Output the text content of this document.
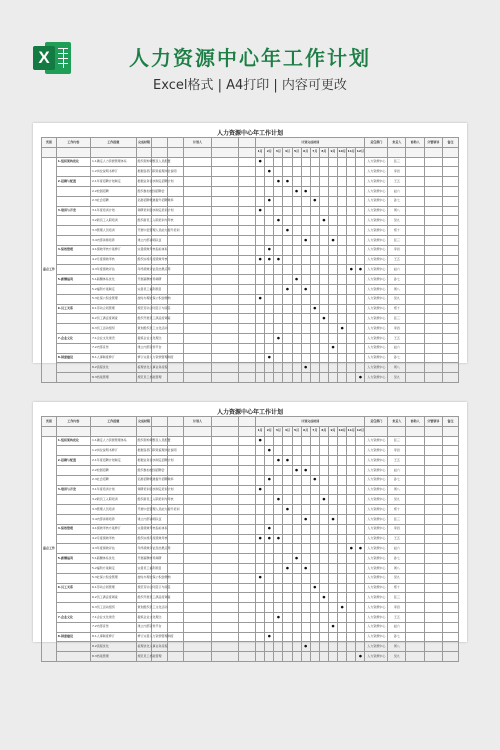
X	人力资源中心年工作计划

Excel格式 | A4打印 | 内容可更改

人力资源中心年工作计划
类别	工作内容	工作措施	完成时限			计划人			计划完成时间												责任部门	负责人	协助人	分管领导	备注
									1月	2月	3月	4月	5月	6月	7月	8月	9月	10月	11月	12月					
重点工作	1.组织架构优化	1.1确定人力资源管理体系	组织架构调整及人员配置						●												人力资源中心	张三			
		1.2岗位说明书修订	根据各部门职责梳理岗位说明							●											人力资源中心	李四			
	2.招聘与配置	2.1年度招聘计划制定	根据业务需求制定招聘计划								●	●									人力资源中心	王五			
		2.2校园招聘	组织参加校园招聘会										●	●							人力资源中心	赵六			
		2.3社会招聘	拓展招聘渠道提升招聘效率							●					●						人力资源中心	孙七			
	3.培训与开发	3.1年度培训计划	调研培训需求制定培训计划						●												人力资源中心	周八			
		3.2新员工入职培训	组织新员工入职培训与考核								●					●					人力资源中心	吴九			
		3.3管理人员培训	开展中层管理人员能力提升培训									●									人力资源中心	郑十			
		3.4内部讲师培养	建立内部讲师队伍											●			●				人力资源中心	张三			
	4.绩效管理	4.1绩效考核方案修订	完善绩效考核指标体系							●											人力资源中心	李四			
		4.2月度绩效考核	组织实施月度绩效考核						●	●	●										人力资源中心	王五			
		4.3年度绩效评估	年终绩效评估及结果应用																●	●	人力资源中心	赵六			
	5.薪酬福利	5.1薪酬体系优化	开展薪酬市场调研										●								人力资源中心	孙七			
		5.2福利方案制定	完善员工福利项目									●		●							人力资源中心	周八			
		5.3社保公积金管理	按时办理社保公积金缴纳						●												人力资源中心	吴九			
	6.员工关系	6.1劳动合同管理	规范劳动合同签订与续签												●						人力资源中心	郑十			
		6.2员工满意度调查	组织开展员工满意度调查													●					人力资源中心	张三			
		6.3员工活动组织	策划组织员工文化活动															●			人力资源中心	李四			
	7.企业文化	7.1企业文化建设	提炼企业文化理念								●										人力资源中心	王五			
		7.2内部宣传	建立内部宣传平台														●				人力资源中心	赵六			
	8.制度建设	8.1人事制度修订	修订完善人力资源管理制度							●											人力资源中心	孙七			
		8.2流程优化	梳理优化人事业务流程											●							人力资源中心	周八			
		8.3档案管理	规范员工档案管理																	●	人力资源中心	吴九			
人力资源中心年工作计划
类别	工作内容	工作措施	完成时限			计划人			计划完成时间												责任部门	负责人	协助人	分管领导	备注
									1月	2月	3月	4月	5月	6月	7月	8月	9月	10月	11月	12月					
重点工作	1.组织架构优化	1.1确定人力资源管理体系	组织架构调整及人员配置						●												人力资源中心	张三			
		1.2岗位说明书修订	根据各部门职责梳理岗位说明							●											人力资源中心	李四			
	2.招聘与配置	2.1年度招聘计划制定	根据业务需求制定招聘计划								●	●									人力资源中心	王五			
		2.2校园招聘	组织参加校园招聘会										●	●							人力资源中心	赵六			
		2.3社会招聘	拓展招聘渠道提升招聘效率							●					●						人力资源中心	孙七			
	3.培训与开发	3.1年度培训计划	调研培训需求制定培训计划						●												人力资源中心	周八			
		3.2新员工入职培训	组织新员工入职培训与考核								●					●					人力资源中心	吴九			
		3.3管理人员培训	开展中层管理人员能力提升培训									●									人力资源中心	郑十			
		3.4内部讲师培养	建立内部讲师队伍											●			●				人力资源中心	张三			
	4.绩效管理	4.1绩效考核方案修订	完善绩效考核指标体系							●											人力资源中心	李四			
		4.2月度绩效考核	组织实施月度绩效考核						●	●	●										人力资源中心	王五			
		4.3年度绩效评估	年终绩效评估及结果应用																●	●	人力资源中心	赵六			
	5.薪酬福利	5.1薪酬体系优化	开展薪酬市场调研										●								人力资源中心	孙七			
		5.2福利方案制定	完善员工福利项目									●		●							人力资源中心	周八			
		5.3社保公积金管理	按时办理社保公积金缴纳						●												人力资源中心	吴九			
	6.员工关系	6.1劳动合同管理	规范劳动合同签订与续签												●						人力资源中心	郑十			
		6.2员工满意度调查	组织开展员工满意度调查													●					人力资源中心	张三			
		6.3员工活动组织	策划组织员工文化活动															●			人力资源中心	李四			
	7.企业文化	7.1企业文化建设	提炼企业文化理念								●										人力资源中心	王五			
		7.2内部宣传	建立内部宣传平台														●				人力资源中心	赵六			
	8.制度建设	8.1人事制度修订	修订完善人力资源管理制度							●											人力资源中心	孙七			
		8.2流程优化	梳理优化人事业务流程											●							人力资源中心	周八			
		8.3档案管理	规范员工档案管理																	●	人力资源中心	吴九			
